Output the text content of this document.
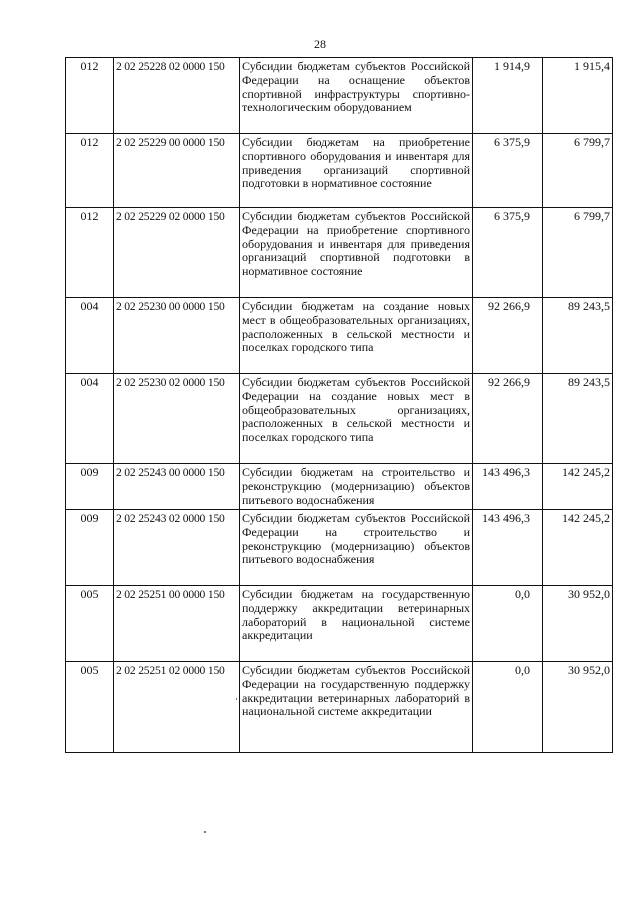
28
012	2 02 25228 02 0000 150	Субсидии бюджетам субъектов Российской Федерации на оснащение объектов спортивной инфраструктуры спортивно-технологическим оборудованием	1 914,9	1 915,4
012	2 02 25229 00 0000 150	Субсидии бюджетам на приобретение спортивного оборудования и инвентаря для приведения организаций спортивной подготовки в нормативное состояние	6 375,9	6 799,7
012	2 02 25229 02 0000 150	Субсидии бюджетам субъектов Российской Федерации на приобретение спортивного оборудования и инвентаря для приведения организаций спортивной подготовки в нормативное состояние	6 375,9	6 799,7
004	2 02 25230 00 0000 150	Субсидии бюджетам на создание новых мест в общеобразовательных организациях, расположенных в сельской местности и поселках городского типа	92 266,9	89 243,5
004	2 02 25230 02 0000 150	Субсидии бюджетам субъектов Российской Федерации на создание новых мест в общеобразовательных организациях, расположенных в сельской местности и поселках городского типа	92 266,9	89 243,5
009	2 02 25243 00 0000 150	Субсидии бюджетам на строительство и реконструкцию (модернизацию) объектов питьевого водоснабжения	143 496,3	142 245,2
009	2 02 25243 02 0000 150	Субсидии бюджетам субъектов Российской Федерации на строительство и реконструкцию (модернизацию) объектов питьевого водоснабжения	143 496,3	142 245,2
005	2 02 25251 00 0000 150	Субсидии бюджетам на государственную поддержку аккредитации ветеринарных лабораторий в национальной системе аккредитации	0,0	30 952,0
005	2 02 25251 02 0000 150	Субсидии бюджетам субъектов Российской Федерации на государственную поддержку аккредитации ветеринарных лабораторий в национальной системе аккредитации	0,0	30 952,0
